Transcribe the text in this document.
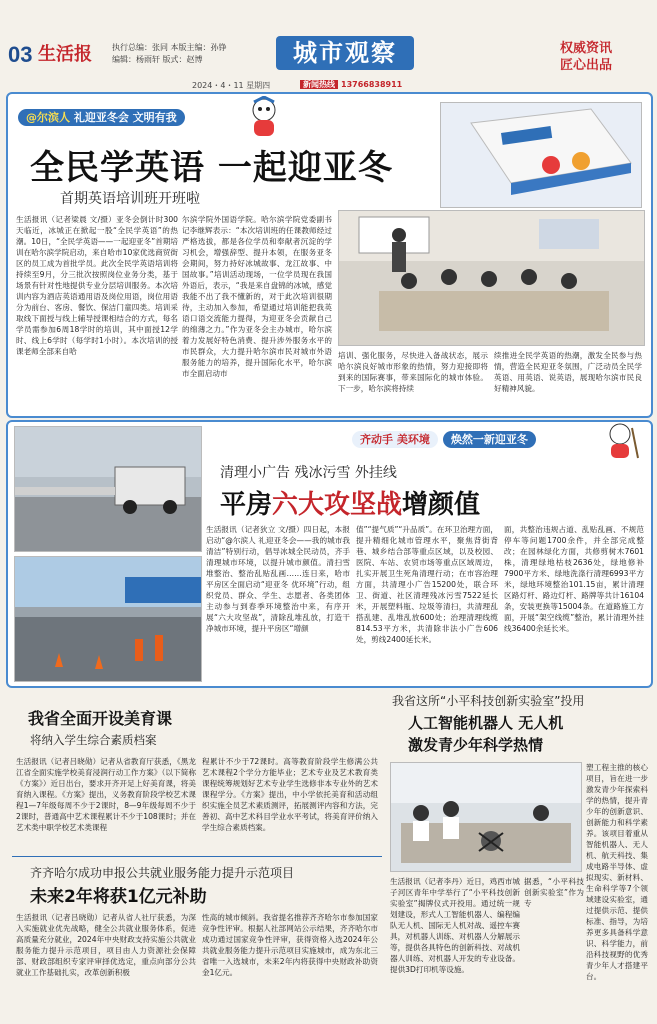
03 生活报	执行总编：张同 本版主编：孙铮
编辑：杨雨轩 版式：赵博	城市观察	权威资讯
匠心出品
2024・4・11 星期四	新闻热线 13766838911
@尔滨人 礼迎亚冬会 文明有我
全民学英语 一起迎亚冬
首期英语培训班开班啦
生活报讯（记者梁晨 文/摄）亚冬会倒计时300天临近，冰城正在掀起一股“全民学英语”的热潮。10日，“全民学英语——一起迎亚冬”首期培训在哈尔滨学院启动，来自哈市10家优选商贸街区的员工成为首批学员。此次全民学英语培训将持续至9月，分三批次按照岗位业务分类，基于场景有针对性地提供专业分层培训服务。本次培训内容为酒店英语通用语及岗位用语，岗位用语分为前台、客房、餐饮、保洁门童四类。培训采取线下面授与线上辅导授课相结合的方式，每名学员需参加6周18学时的培训，其中面授12学时、线上6学时（每学时1小时）。本次培训的授课老师全部来自哈
尔滨学院外国语学院。哈尔滨学院党委副书记李继辉表示：“本次培训班的任课教师经过严格选拔，都是各位学员和奉献者沉淀的学习机会，增强辞型、提升本领，在服务亚冬会期间，努力持好冰城故事、龙江故事、中国故事。”培训活动现场，一位学员现在我国外语后，表示，“我是来自盘锦的冰城，感觉我能不出了我不懂新的，对于此次培训很期待，主动加入参加，希望通过培训能把我英语口语交流能力提得，为迎亚冬会贡献自己的绵薄之力。”作为亚冬会主办城市，哈尔滨着力发展好特色消费、提升涉外服务水平的市民群众，大力提升哈尔滨市民对城市外语服务能力的培养，提升国际化水平，哈尔滨市全面启动市
培训、强化服务，尽快进入备战状态，展示哈尔滨良好城市形象的热情，努力迎接即将到来的国际赛事，带来国际化的城市体验。下一步，哈尔滨将持续
续推进全民学英语的热潮，激发全民参与热情，营造全民迎亚冬氛围，广泛动员全民学英语、用英语、说英语，展现哈尔滨市民良好精神风貌。
齐动手 美环境 焕然一新迎亚冬
清理小广告 残冰污雪 外挂线
平房六大攻坚战增颜值
生活报讯（记者狄立 文/摄）四日起，本报启动“@尔滨人 礼迎亚冬会——我的城市我清洁”特别行动，倡导冰城全民动员，齐手清理城市环境，以提升城市颜值。清扫雪堆整治、整治乱贴乱画……连日来，哈市平房区全面启动“迎亚冬 优环境”行动，组织党员、群众、学生、志愿者、各类团体主动参与到春季环境整治中来，有序开展“六大攻坚战”，清除乱堆乱放，打造干净城市环境，提升平房区“增颜
值”“提气质”“升品质”。在环卫治理方面，提升精细化城市管理水平，聚焦背街背巷、城乡结合部等重点区域，以及校园、医院、车站、农贸市场等重点区域周边，扎实开展卫生死角清理行动；在市容治理方面，共清理小广告15200处，联合环卫、街道、社区清理残冰污雪7522延长米，开展塑料瓶、垃圾等清扫，共清理乱搭乱建、乱堆乱放600处；治理清理线缆814.53平方米，共清除非法小广告606处，剪线2400延长米。
面，共整治违规占道、乱贴乱画、不规范停车等问题1700余件，并全部完成整改；在园林绿化方面，共修剪树木7601株，清理绿地枯枝2636处，绿地修补7900平方米、绿地洗涤行清理6993平方米，绿地环境整治101.15亩，累计清理区路灯杆、路边灯杆、路牌等共计16104条，安装更换等15004条。在道路施工方面，开展“架空线缆”整治，累计清理外挂线36400余延长米。
我省全面开设美育课
将纳入学生综合素质档案
生活报讯（记者吕晓勋）记者从省教育厅获悉，《黑龙江省全面实施学校美育浸润行动工作方案》（以下简称《方案》）近日出台，要求开齐开足上好美育课，将美育纳入课程。《方案》提出，义务教育阶段学校艺术课程1—7年级每周不少于2课时，8—9年级每周不少于2课时，普通高中艺术课程累计不少于108课时；并在艺术类中职学校艺术类课程
程累计不少于72课时。高等教育阶段学生修满公共艺术课程2个学分方能毕业；艺术专业及艺术教育类课程统筹规划好艺术专业学生选修非本专业外的艺术课程学分。《方案》提出，中小学依托美育和活动组织实施全员艺术素质测评，拓展测评内容和方法，完善初、高中艺术科目学业水平考试，将美育评价纳入学生综合素质档案。
齐齐哈尔成功申报公共就业服务能力提升示范项目
未来2年将获1亿元补助
生活报讯（记者吕晓勋）记者从省人社厅获悉，为深入实施就业优先战略，健全公共就业服务体系，促进高质量充分就业，2024年中央财政支持实施公共就业服务能力提升示范项目，项目由人力资源社会保障部、财政部组织专家评审择优选定，重点向部分公共就业工作基础扎实，改革创新积极
性高的城市倾斜。我省提名推荐齐齐哈尔市参加国家竞争性评审。根据人社部网站公示结果，齐齐哈尔市成功通过国家竞争性评审，获得资格入选2024年公共就业服务能力提升示范项目实施城市，成为东北三省唯一入选城市，未来2年内将获得中央财政补助资金1亿元。
我省这所“小平科技创新实验室”投用
人工智能机器人 无人机
激发青少年科学热情
塑工程主推的核心项目，旨在进一步激发青少年探索科学的热情，提升青少年的创新意识、创新能力和科学素养。该项目着重从智能机器人、无人机、航天科技、集成电路半导体、虚拟现实、新材料、生命科学等7个领域建设实验室，通过提供示范、提供标准、指导，为培养更多具备科学意识、科学能力，前沿科技视野的优秀青少年人才搭建平台。
生活报讯（记者李丹）近日，鸡西市城子河区青年中学举行了“小平科技创新实验室”揭牌仪式开投用。通过统一规划建设，形式人工智能机器人、编程编队无人机、国际无人机对战、遥控车赛具，对机器人训练、对机器人分解展示等，提供各具特色的创新科技、对战机器人训练、对机器人开发的专业设备。提供3D打印机等设施。
据悉，“小平科技创新实验室”作为专
